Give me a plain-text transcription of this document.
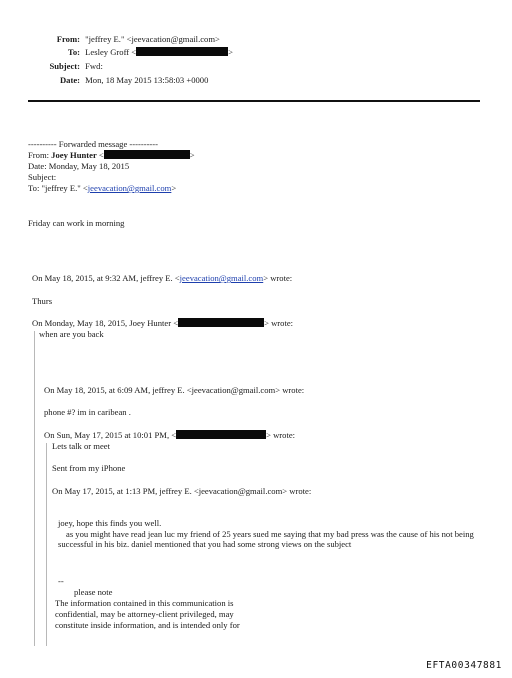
From: "jeffrey E." <jeevacation@gmail.com>
To: Lesley Groff <	>
Subject: Fwd:
Date: Mon, 18 May 2015 13:58:03 +0000
---------- Forwarded message ----------
From: Joey Hunter <	>
Date: Monday, May 18, 2015
Subject:
To: "jeffrey E." <jeevacation@gmail.com>
Friday can work in morning
On May 18, 2015, at 9:32 AM, jeffrey E. <jeevacation@gmail.com> wrote:
Thurs
On Monday, May 18, 2015, Joey Hunter <	> wrote:
when are you back
On May 18, 2015, at 6:09 AM, jeffrey E. <jeevacation@gmail.com> wrote:
phone #? im in caribean .
On Sun, May 17, 2015 at 10:01 PM, <	> wrote:
Lets talk or meet
Sent from my iPhone
On May 17, 2015, at 1:13 PM, jeffrey E. <jeevacation@gmail.com> wrote:
joey, hope this finds you well.
as you might have read jean luc my friend of 25 years sued me saying that my bad press was the cause of his not being successful in his biz. daniel mentioned that you had some strong views on the subject
--
please note
The information contained in this communication is
confidential, may be attorney-client privileged, may
constitute inside information, and is intended only for
EFTA00347881
